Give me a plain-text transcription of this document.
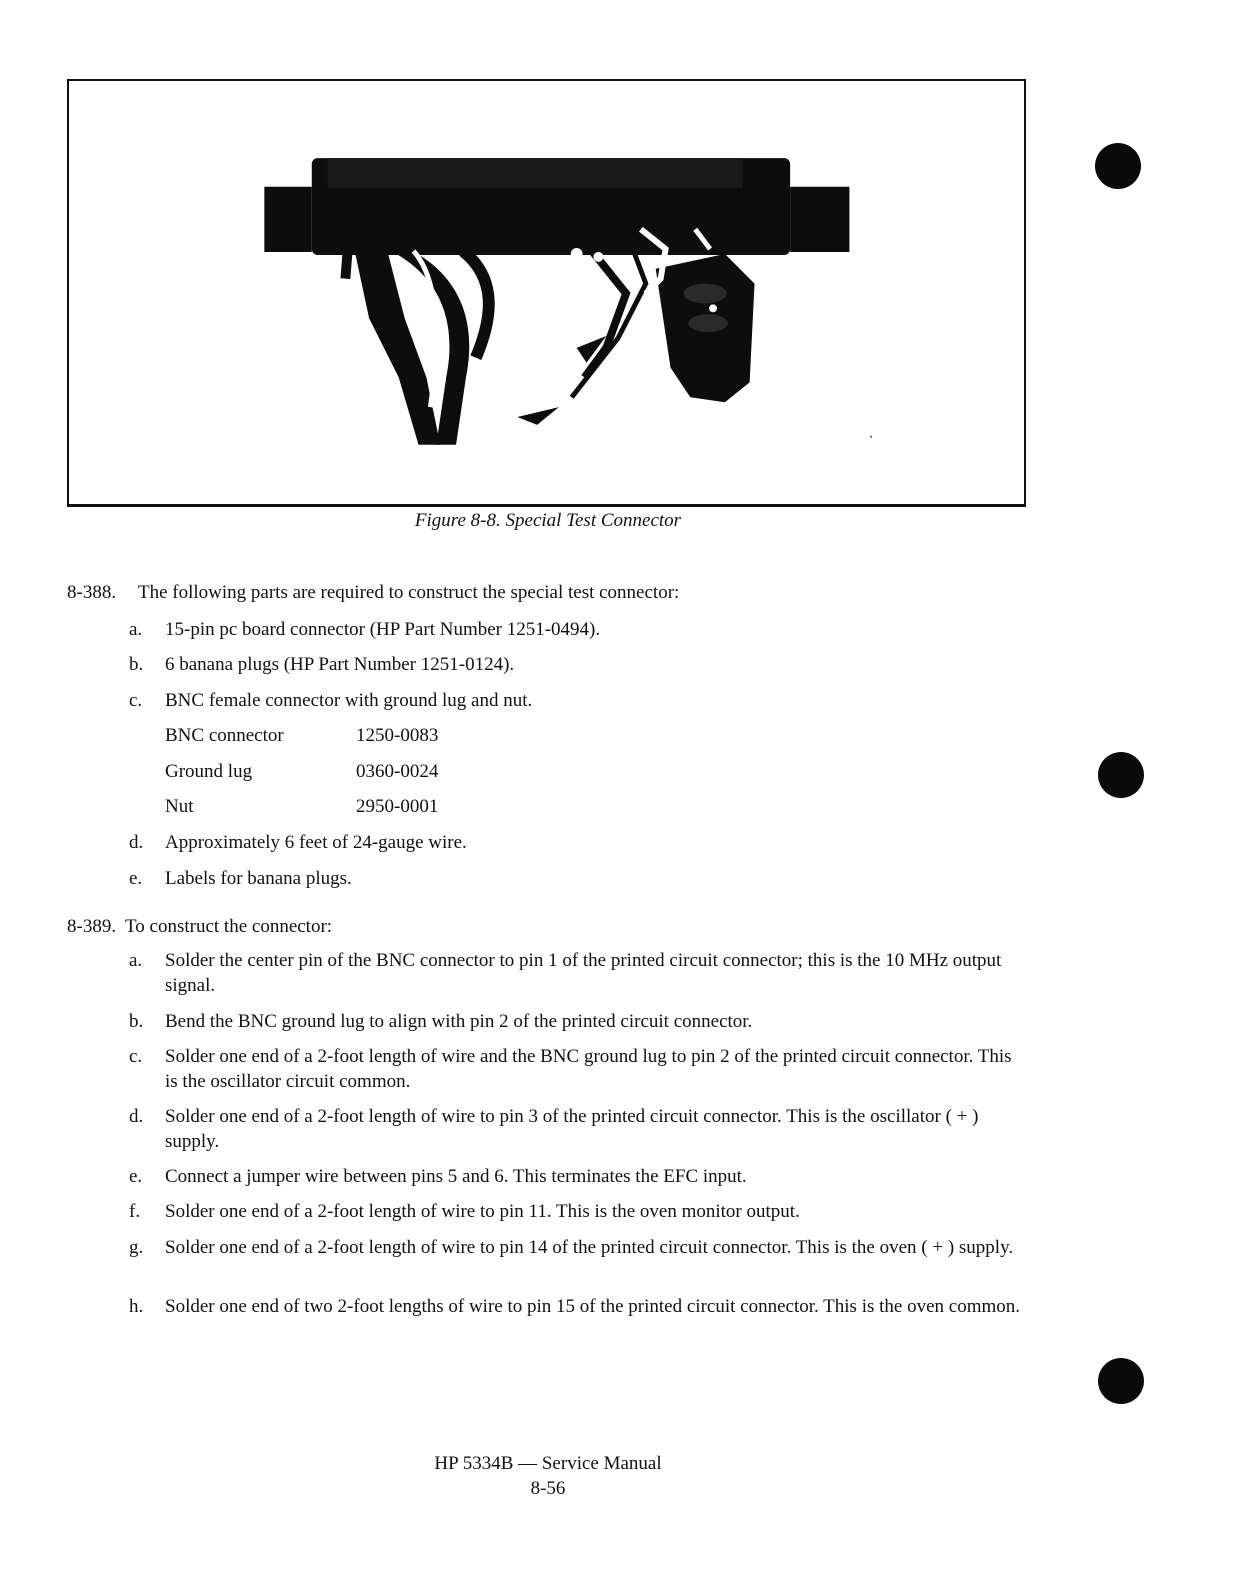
Figure 8-8. Special Test Connector
8-388. The following parts are required to construct the special test connector:
a.	15-pin pc board connector (HP Part Number 1251-0494).
b.	6 banana plugs (HP Part Number 1251-0124).
c.	BNC female connector with ground lug and nut.
BNC connector	1250-0083
Ground lug	0360-0024
Nut	2950-0001
d.	Approximately 6 feet of 24-gauge wire.
e.	Labels for banana plugs.
8-389. To construct the connector:
a.	Solder the center pin of the BNC connector to pin 1 of the printed circuit connector; this is the 10 MHz output signal.
b.	Bend the BNC ground lug to align with pin 2 of the printed circuit connector.
c.	Solder one end of a 2-foot length of wire and the BNC ground lug to pin 2 of the printed circuit connector. This is the oscillator circuit common.
d.	Solder one end of a 2-foot length of wire to pin 3 of the printed circuit connector. This is the oscillator ( + ) supply.
e.	Connect a jumper wire between pins 5 and 6. This terminates the EFC input.
f.	Solder one end of a 2-foot length of wire to pin 11. This is the oven monitor output.
g.	Solder one end of a 2-foot length of wire to pin 14 of the printed circuit connector. This is the oven ( + ) supply.
h.	Solder one end of two 2-foot lengths of wire to pin 15 of the printed circuit connector. This is the oven common.
HP 5334B — Service Manual
8-56
